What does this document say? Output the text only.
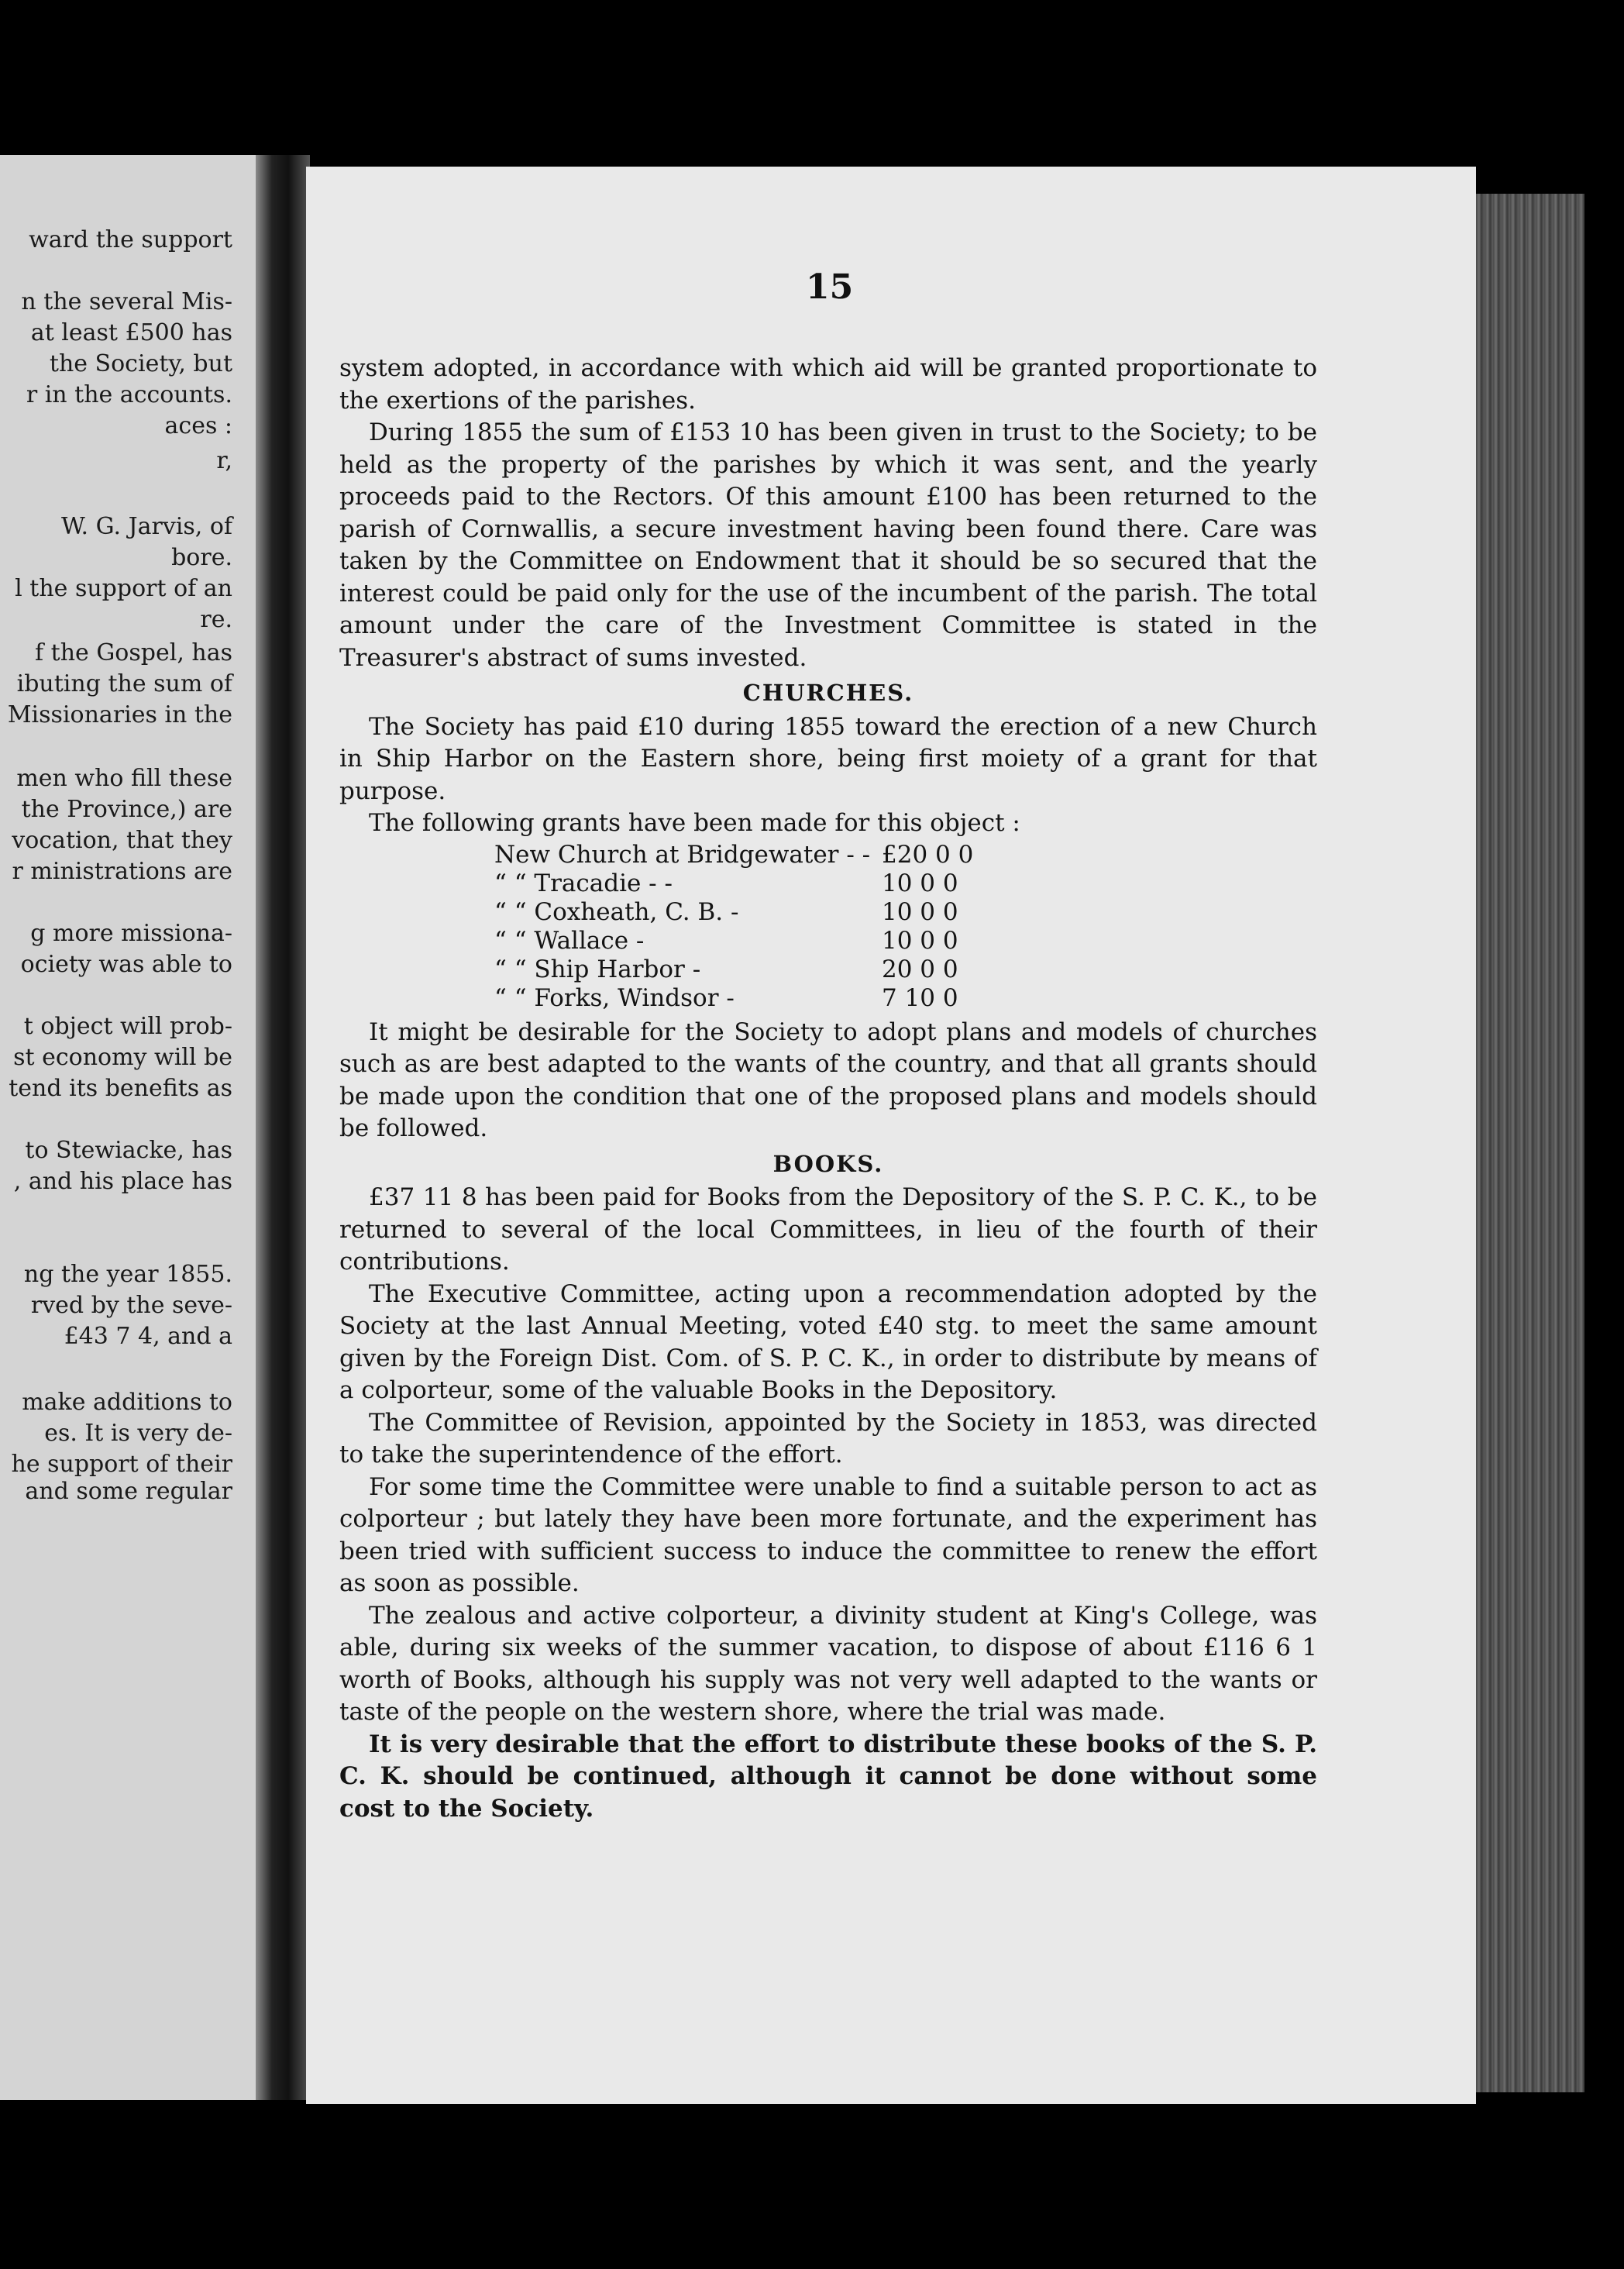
ward the support
n the several Mis-
at least £500 has
the Society, but
r in the accounts.
aces :
r,
W. G. Jarvis, of
bore.
l the support of an
re.
f the Gospel, has
ibuting the sum of
Missionaries in the
men who fill these
the Province,) are
vocation, that they
r ministrations are
g more missiona-
ociety was able to
t object will prob-
st economy will be
tend its benefits as
to Stewiacke, has
, and his place has
ng the year 1855.
rved by the seve-
£43 7 4, and a
make additions to
es. It is very de-
he support of their
and some regular
15

system adopted, in accordance with which aid will be granted proportionate to the exertions of the parishes.

During 1855 the sum of £153 10 has been given in trust to the Society; to be held as the property of the parishes by which it was sent, and the yearly proceeds paid to the Rectors. Of this amount £100 has been returned to the parish of Cornwallis, a secure investment having been found there. Care was taken by the Committee on Endowment that it should be so secured that the interest could be paid only for the use of the incumbent of the parish. The total amount under the care of the Investment Committee is stated in the Treasurer's abstract of sums invested.

CHURCHES.

The Society has paid £10 during 1855 toward the erection of a new Church in Ship Harbor on the Eastern shore, being first moiety of a grant for that purpose.

The following grants have been made for this object :

New Church at Bridgewater - - £20 0 0
“ “ Tracadie - -	10 0 0
“ “ Coxheath, C. B. -	10 0 0
“ “ Wallace -	10 0 0
“ “ Ship Harbor -	20 0 0
“ “ Forks, Windsor -	7 10 0

It might be desirable for the Society to adopt plans and models of churches such as are best adapted to the wants of the country, and that all grants should be made upon the condition that one of the proposed plans and models should be followed.

BOOKS.

£37 11 8 has been paid for Books from the Depository of the S. P. C. K., to be returned to several of the local Committees, in lieu of the fourth of their contributions.

The Executive Committee, acting upon a recommendation adopted by the Society at the last Annual Meeting, voted £40 stg. to meet the same amount given by the Foreign Dist. Com. of S. P. C. K., in order to distribute by means of a colporteur, some of the valuable Books in the Depository.

The Committee of Revision, appointed by the Society in 1853, was directed to take the superintendence of the effort.

For some time the Committee were unable to find a suitable person to act as colporteur ; but lately they have been more fortunate, and the experiment has been tried with sufficient success to induce the committee to renew the effort as soon as possible.

The zealous and active colporteur, a divinity student at King's College, was able, during six weeks of the summer vacation, to dispose of about £116 6 1 worth of Books, although his supply was not very well adapted to the wants or taste of the people on the western shore, where the trial was made.

It is very desirable that the effort to distribute these books of the S. P. C. K. should be continued, although it cannot be done without some cost to the Society.
